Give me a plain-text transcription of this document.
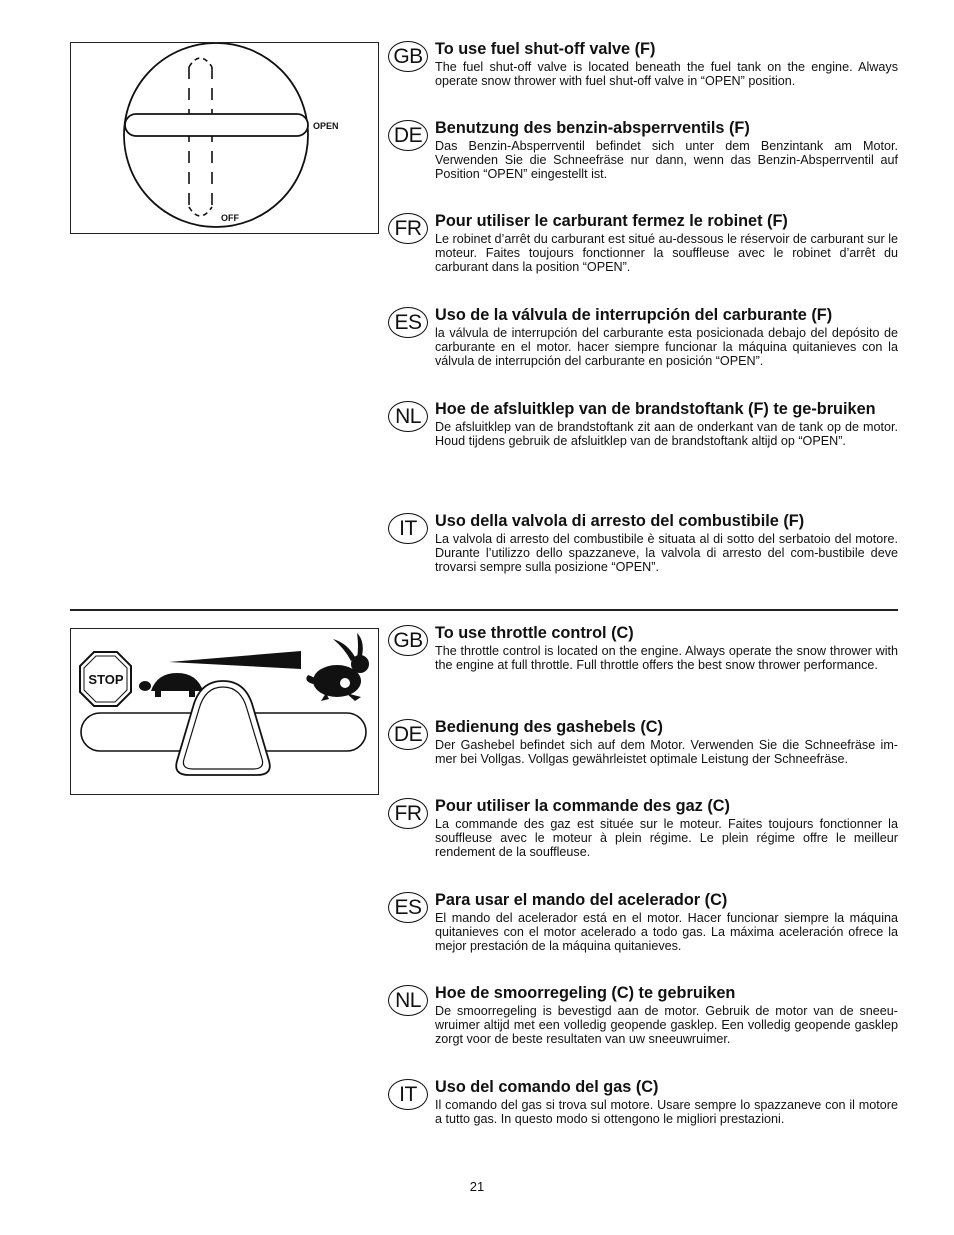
OPEN
OFF
STOP
GB To use fuel shut-off valve (F)

The fuel shut-off valve is located beneath the fuel tank on the engine. Always operate snow thrower with fuel shut-off valve in “OPEN” position.

DE Benutzung des benzin-absperrventils (F)

Das Benzin-Absperrventil befindet sich unter dem Benzintank am Motor. Verwenden Sie die Schneefräse nur dann, wenn das Benzin-Absperrventil auf Position “OPEN” eingestellt ist.

FR Pour utiliser le carburant fermez le robinet (F)

Le robinet d’arrêt du carburant est situé au-dessous le réservoir de carburant sur le moteur. Faites toujours fonctionner la souffleuse avec le robinet d’arrêt du carburant dans la position “OPEN”.

ES Uso de la válvula de interrupción del carburante (F)

la válvula de interrupción del carburante esta posicionada debajo del depósito de carburante en el motor. hacer siempre funcionar la máquina quitanieves con la válvula de interrupción del carburante en posición “OPEN”.

NL Hoe de afsluitklep van de brandstoftank (F) te ge-bruiken

De afsluitklep van de brandstoftank zit aan de onderkant van de tank op de motor. Houd tijdens gebruik de afsluitklep van de brandstoftank altijd op “OPEN”.

IT	Uso della valvola di arresto del combustibile (F)

La valvola di arresto del combustibile è situata al di sotto del serbatoio del motore. Durante l’utilizzo dello spazzaneve, la valvola di arresto del com-bustibile deve trovarsi sempre sulla posizione “OPEN”.

GB To use throttle control (C)

The throttle control is located on the engine. Always operate the snow thrower with the engine at full throttle. Full throttle offers the best snow thrower performance.

DE Bedienung des gashebels (C)

Der Gashebel befindet sich auf dem Motor. Verwenden Sie die Schneefräse im-mer bei Vollgas. Vollgas gewährleistet optimale Leistung der Schneefräse.

FR Pour utiliser la commande des gaz (C)

La commande des gaz est située sur le moteur. Faites toujours fonctionner la souffleuse avec le moteur à plein régime. Le plein régime offre le meilleur rendement de la souffleuse.

ES Para usar el mando del acelerador (C)

El mando del acelerador está en el motor. Hacer funcionar siempre la máquina quitanieves con el motor acelerado a todo gas. La máxima aceleración ofrece la mejor prestación de la máquina quitanieves.

NL Hoe de smoorregeling (C) te gebruiken

De smoorregeling is bevestigd aan de motor. Gebruik de motor van de sneeu-wruimer altijd met een volledig geopende gasklep. Een volledig geopende gasklep zorgt voor de beste resultaten van uw sneeuwruimer.

IT	Uso del comando del gas (C)

Il comando del gas si trova sul motore. Usare sempre lo spazzaneve con il motore a tutto gas. In questo modo si ottengono le migliori prestazioni.

21
